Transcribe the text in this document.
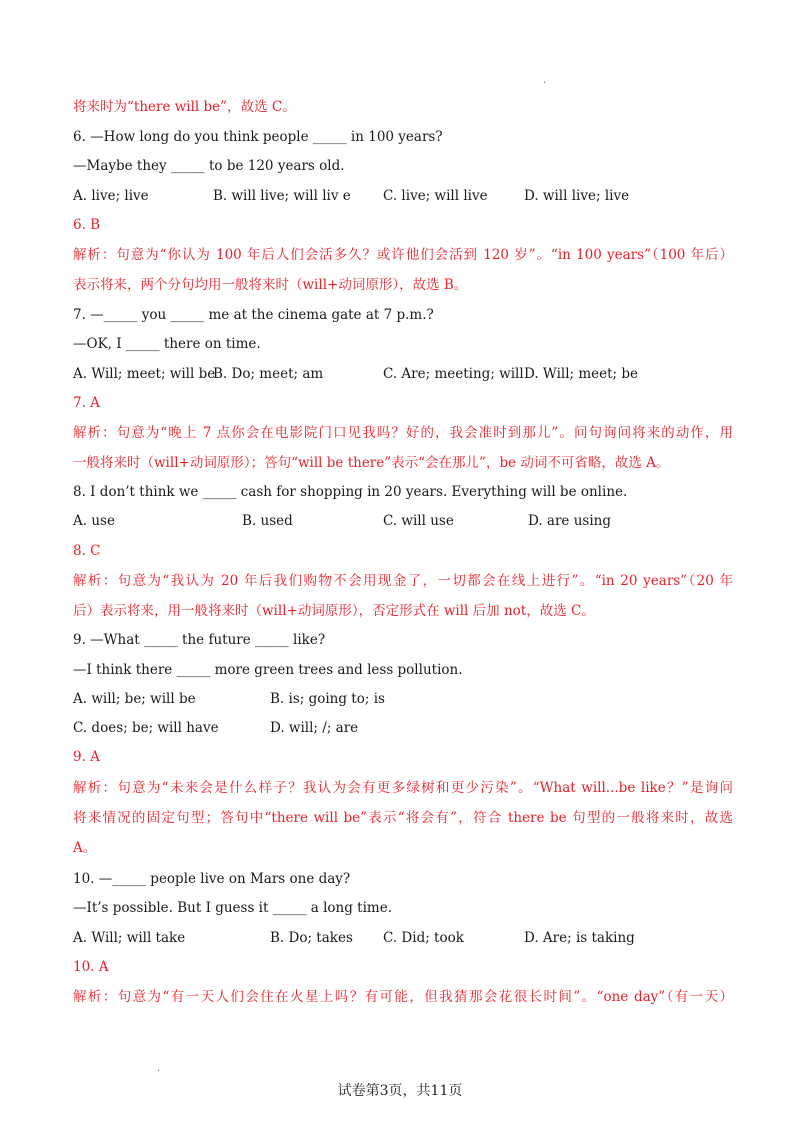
·
将来时为“there will be”，故选 C。
6. —How long do you think people _____ in 100 years?
—Maybe they _____ to be 120 years old.
A. live; live	B. will live; will liv e C. live; will live	D. will live; live
6. B
解析：句意为“你认为 100 年后人们会活多久？或许他们会活到 120 岁”。“in 100 years”（100 年后）
表示将来，两个分句均用一般将来时（will+动词原形），故选 B。
7. —_____ you _____ me at the cinema gate at 7 p.m.?
—OK, I _____ there on time.
A. Will; meet; will be
B. Do; meet; am	C. Are; meeting; will D. Will; meet; be
7. A
解析：句意为“晚上 7 点你会在电影院门口见我吗？好的，我会准时到那儿”。问句询问将来的动作，用
一般将来时（will+动词原形）；答句“will be there”表示“会在那儿”，be 动词不可省略，故选 A。
8. I don’t think we _____ cash for shopping in 20 years. Everything will be online.
A. use	B. used	C. will use	D. are using
8. C
解析：句意为“我认为 20 年后我们购物不会用现金了，一切都会在线上进行”。“in 20 years”（20 年
后）表示将来，用一般将来时（will+动词原形），否定形式在 will 后加 not，故选 C。
9. —What _____ the future _____ like?
—I think there _____ more green trees and less pollution.
A. will; be; will be	B. is; going to; is
C. does; be; will have	D. will; /; are
9. A
解析：句意为“未来会是什么样子？我认为会有更多绿树和更少污染”。“What will...be like？”是询问
将来情况的固定句型；答句中“there will be”表示“将会有”，符合 there be 句型的一般将来时，故选
A。
10. —_____ people live on Mars one day?
—It’s possible. But I guess it _____ a long time.
A. Will; will take	B. Do; takes C. Did; took	D. Are; is taking
10. A
解析：句意为“有一天人们会住在火星上吗？有可能，但我猜那会花很长时间”。“one day”（有一天）
·
试卷第3页，共11页
